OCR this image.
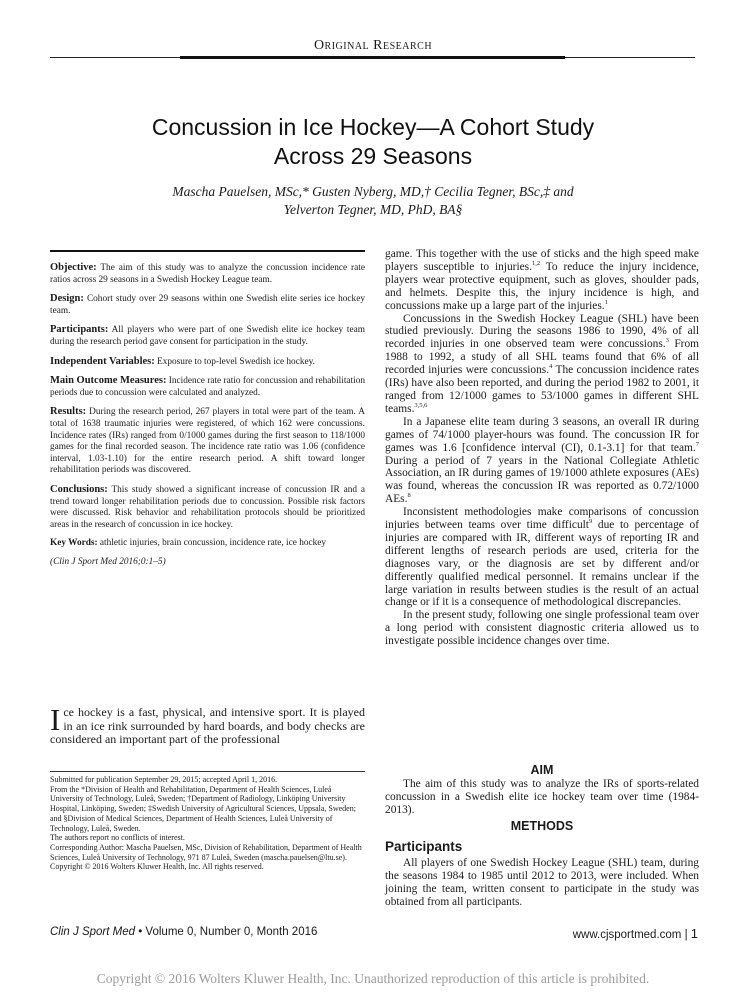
Original Research
Concussion in Ice Hockey—A Cohort Study
Across 29 Seasons
Mascha Pauelsen, MSc,* Gusten Nyberg, MD,† Cecilia Tegner, BSc,‡ and
Yelverton Tegner, MD, PhD, BA§

Objective: The aim of this study was to analyze the concussion incidence rate ratios across 29 seasons in a Swedish Hockey League team.

Design: Cohort study over 29 seasons within one Swedish elite series ice hockey team.

Participants: All players who were part of one Swedish elite ice hockey team during the research period gave consent for participation in the study.

Independent Variables: Exposure to top-level Swedish ice hockey.

Main Outcome Measures: Incidence rate ratio for concussion and rehabilitation periods due to concussion were calculated and analyzed.

Results: During the research period, 267 players in total were part of the team. A total of 1638 traumatic injuries were registered, of which 162 were concussions. Incidence rates (IRs) ranged from 0/1000 games during the first season to 118/1000 games for the final recorded season. The incidence rate ratio was 1.06 (confidence interval, 1.03-1.10) for the entire research period. A shift toward longer rehabilitation periods was discovered.

Conclusions: This study showed a significant increase of concussion IR and a trend toward longer rehabilitation periods due to concussion. Possible risk factors were discussed. Risk behavior and rehabilitation protocols should be prioritized areas in the research of concussion in ice hockey.

Key Words: athletic injuries, brain concussion, incidence rate, ice hockey

(Clin J Sport Med 2016;0:1–5)

Ice hockey is a fast, physical, and intensive sport. It is played in an ice rink surrounded by hard boards, and body checks are considered an important part of the professional
Submitted for publication September 29, 2015; accepted April 1, 2016.
From the *Division of Health and Rehabilitation, Department of Health Sciences, Luleå University of Technology, Luleå, Sweden; †Department of Radiology, Linköping University Hospital, Linköping, Sweden; ‡Swedish University of Agricultural Sciences, Uppsala, Sweden; and §Division of Medical Sciences, Department of Health Sciences, Luleå University of Technology, Luleå, Sweden.
The authors report no conflicts of interest.
Corresponding Author: Mascha Pauelsen, MSc, Division of Rehabilitation, Department of Health Sciences, Luleå University of Technology, 971 87 Luleå, Sweden (mascha.pauelsen@ltu.se).
Copyright © 2016 Wolters Kluwer Health, Inc. All rights reserved.

game. This together with the use of sticks and the high speed make players susceptible to injuries.$^{1,2}$ To reduce the injury incidence, players wear protective equipment, such as gloves, shoulder pads, and helmets. Despite this, the injury incidence is high, and concussions make up a large part of the injuries.$^1$

Concussions in the Swedish Hockey League (SHL) have been studied previously. During the seasons 1986 to 1990, 4% of all recorded injuries in one observed team were concussions.$^3$ From 1988 to 1992, a study of all SHL teams found that 6% of all recorded injuries were concussions.$^4$ The concussion incidence rates (IRs) have also been reported, and during the period 1982 to 2001, it ranged from 12/1000 games to 53/1000 games in different SHL teams.$^{3,5,6}$

In a Japanese elite team during 3 seasons, an overall IR during games of 74/1000 player-hours was found. The concussion IR for games was 1.6 [confidence interval (CI), 0.1-3.1] for that team.$^7$ During a period of 7 years in the National Collegiate Athletic Association, an IR during games of 19/1000 athlete exposures (AEs) was found, whereas the concussion IR was reported as 0.72/1000 AEs.$^8$

Inconsistent methodologies make comparisons of concussion injuries between teams over time difficult$^9$ due to percentage of injuries are compared with IR, different ways of reporting IR and different lengths of research periods are used, criteria for the diagnoses vary, or the diagnosis are set by different and/or differently qualified medical personnel. It remains unclear if the large variation in results between studies is the result of an actual change or if it is a consequence of methodological discrepancies.

In the present study, following one single professional team over a long period with consistent diagnostic criteria allowed us to investigate possible incidence changes over time.

AIM
The aim of this study was to analyze the IRs of sports-related concussion in a Swedish elite ice hockey team over time (1984-2013).
METHODS
Participants
All players of one Swedish Hockey League (SHL) team, during the seasons 1984 to 1985 until 2012 to 2013, were included. When joining the team, written consent to participate in the study was obtained from all participants.
Clin J Sport Med • Volume 0, Number 0, Month 2016	www.cjsportmed.com | 1
Copyright © 2016 Wolters Kluwer Health, Inc. Unauthorized reproduction of this article is prohibited.
